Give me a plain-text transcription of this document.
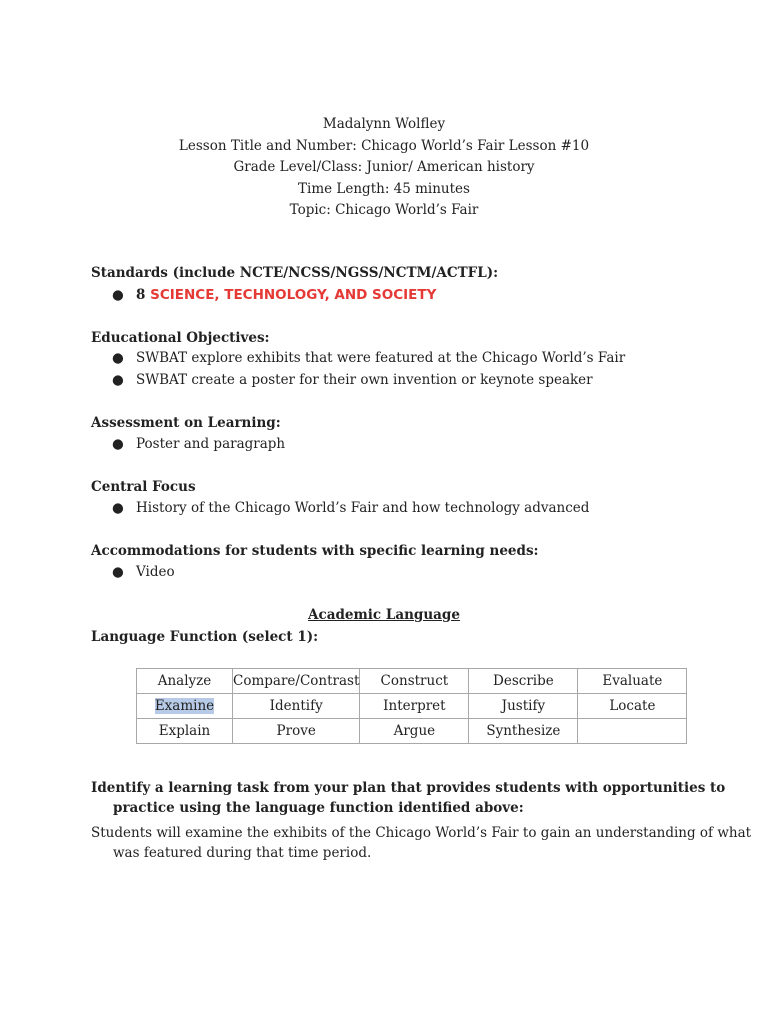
Madalynn Wolfley
Lesson Title and Number: Chicago World’s Fair Lesson #10
Grade Level/Class: Junior/ American history
Time Length: 45 minutes
Topic: Chicago World’s Fair
Standards (include NCTE/NCSS/NGSS/NCTM/ACTFL):
● 8 SCIENCE, TECHNOLOGY, AND SOCIETY
Educational Objectives:
● SWBAT explore exhibits that were featured at the Chicago World’s Fair
● SWBAT create a poster for their own invention or keynote speaker
Assessment on Learning:
● Poster and paragraph
Central Focus
● History of the Chicago World’s Fair and how technology advanced
Accommodations for students with specific learning needs:
● Video
Academic Language
Language Function (select 1):
Analyze	Compare/Contrast	Construct	Describe	Evaluate
Examine	Identify	Interpret	Justify	Locate
Explain	Prove	Argue	Synthesize	
Identify a learning task from your plan that provides students with opportunities to
practice using the language function identified above:
Students will examine the exhibits of the Chicago World’s Fair to gain an understanding of what
was featured during that time period.
